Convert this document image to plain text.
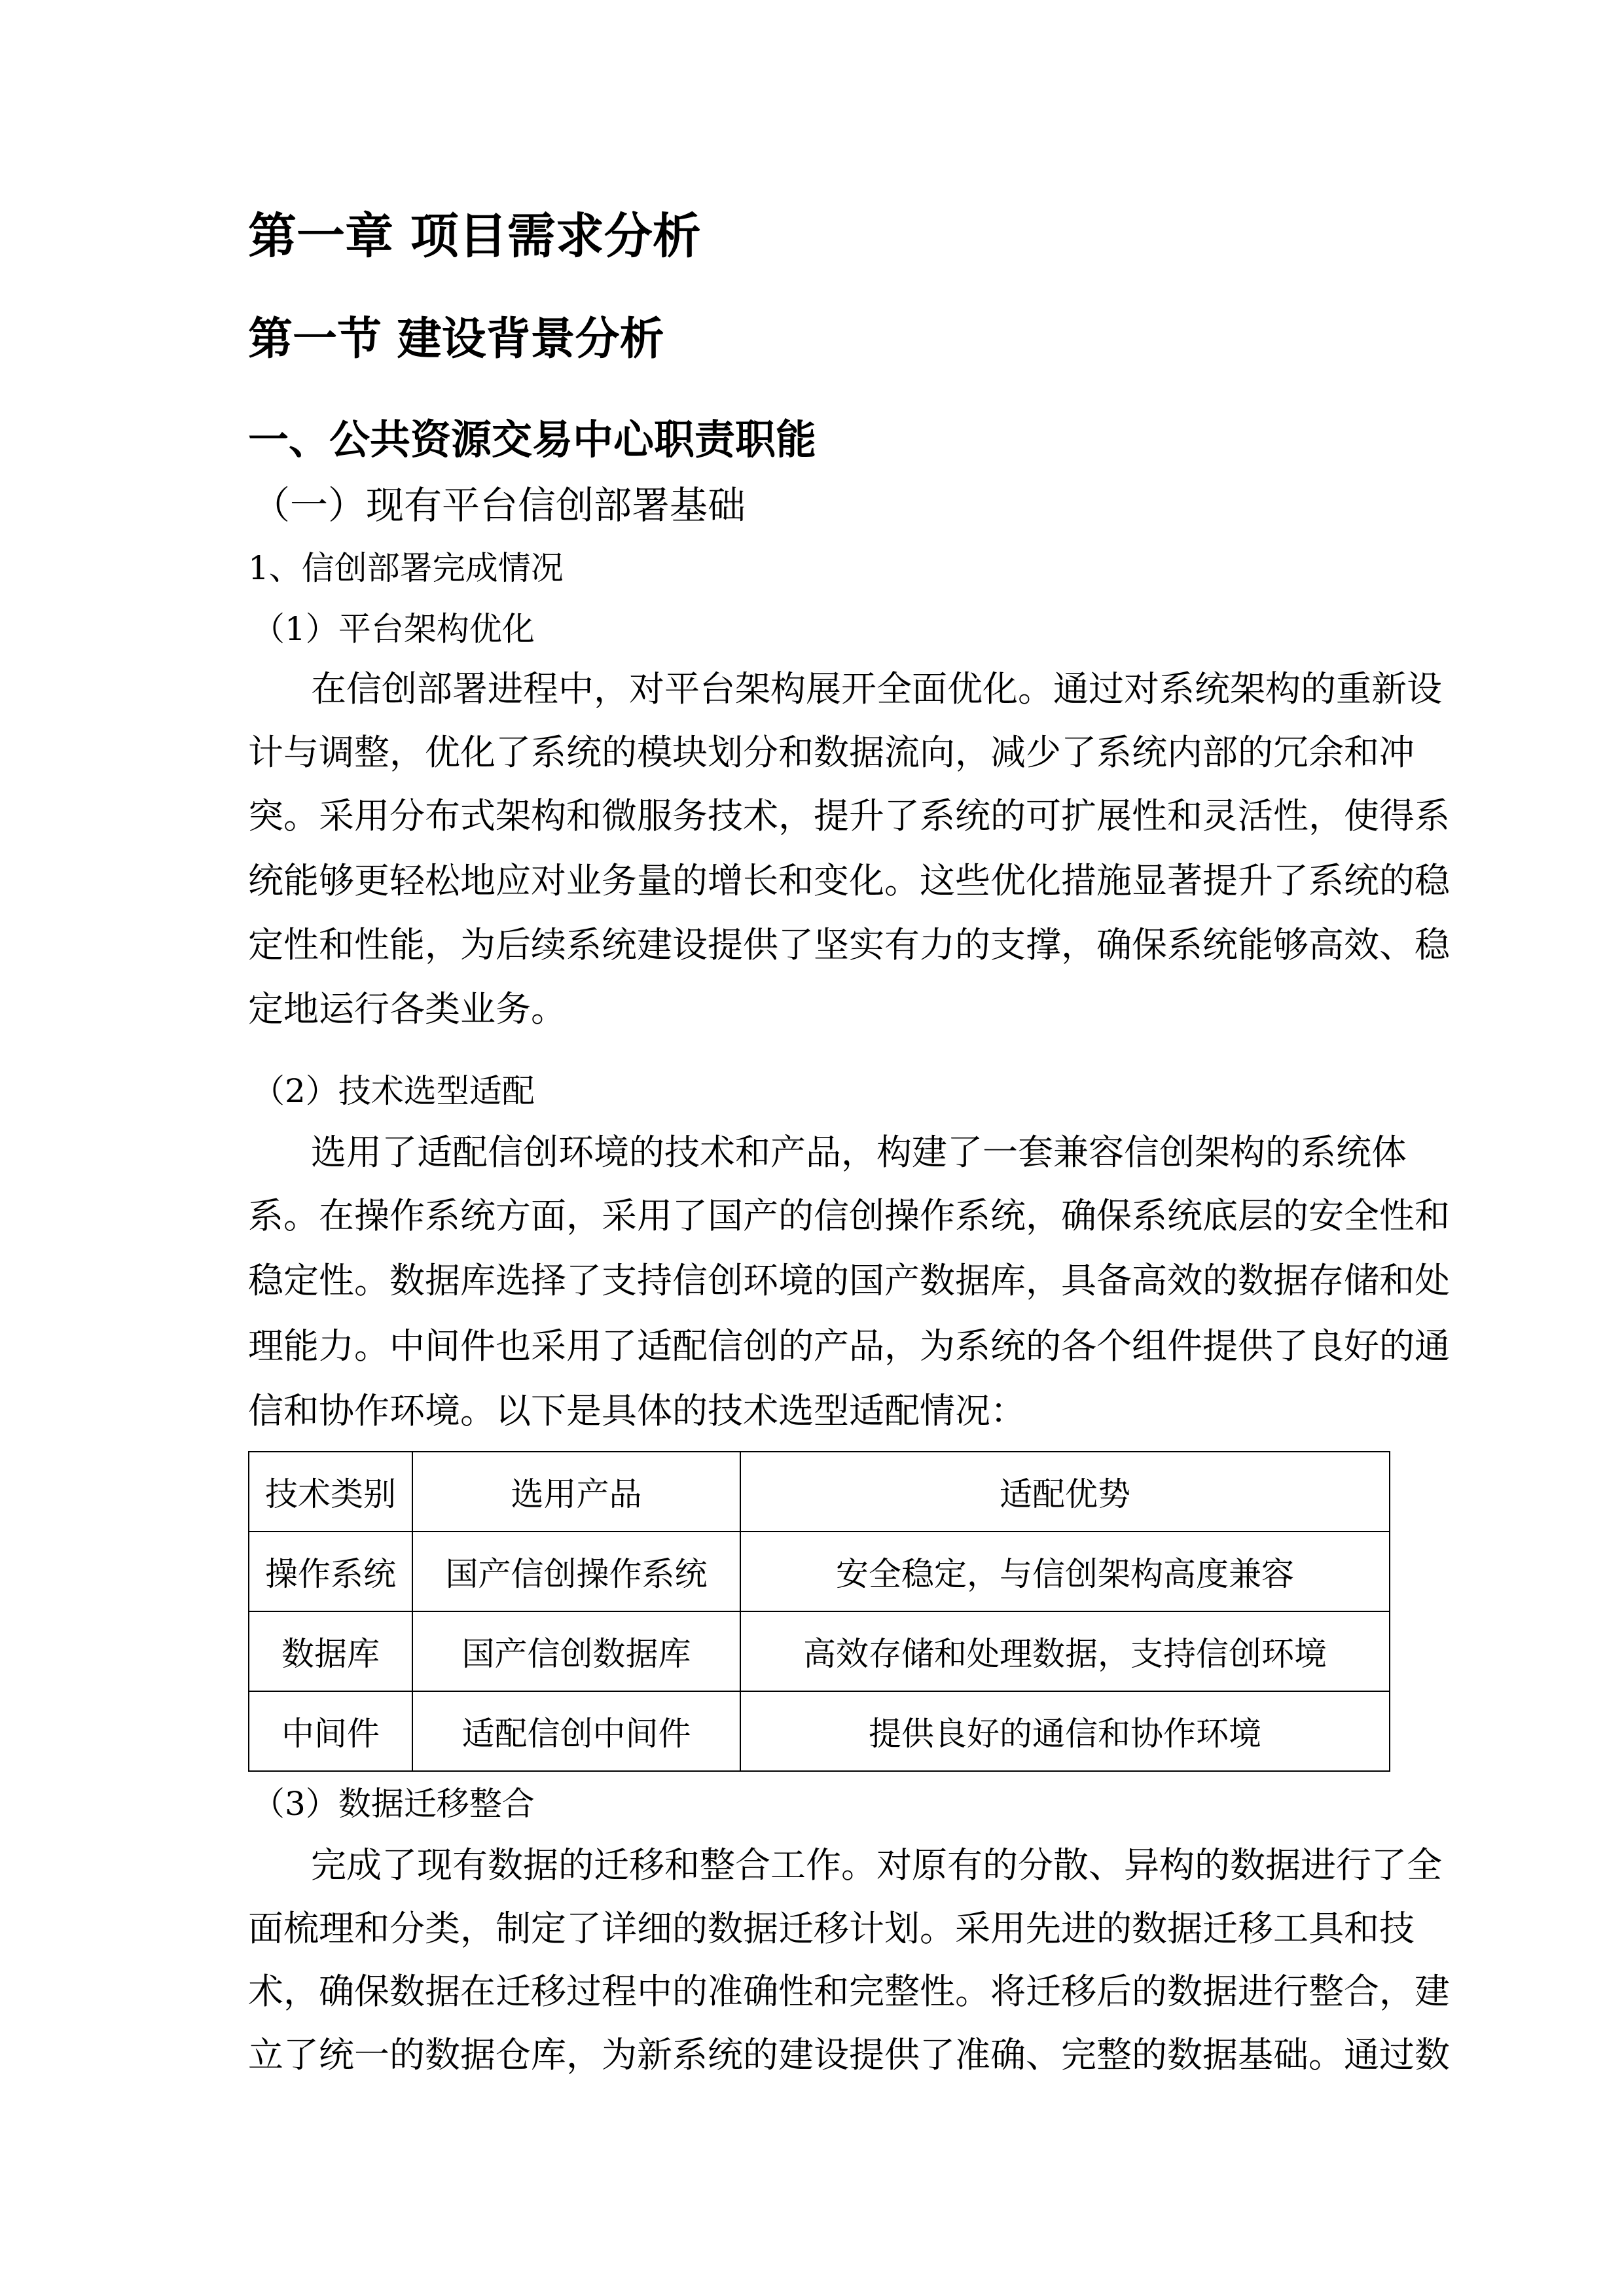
第一章 项目需求分析
第一节 建设背景分析
一、公共资源交易中心职责职能
（一）现有平台信创部署基础
1、信创部署完成情况
（1）平台架构优化
在信创部署进程中，对平台架构展开全面优化。通过对系统架构的重新设
计与调整，优化了系统的模块划分和数据流向，减少了系统内部的冗余和冲
突。采用分布式架构和微服务技术，提升了系统的可扩展性和灵活性，使得系
统能够更轻松地应对业务量的增长和变化。这些优化措施显著提升了系统的稳
定性和性能，为后续系统建设提供了坚实有力的支撑，确保系统能够高效、稳
定地运行各类业务。
（2）技术选型适配
选用了适配信创环境的技术和产品，构建了一套兼容信创架构的系统体
系。在操作系统方面，采用了国产的信创操作系统，确保系统底层的安全性和
稳定性。数据库选择了支持信创环境的国产数据库，具备高效的数据存储和处
理能力。中间件也采用了适配信创的产品，为系统的各个组件提供了良好的通
信和协作环境。以下是具体的技术选型适配情况：
技术类别	选用产品	适配优势
操作系统	国产信创操作系统	安全稳定，与信创架构高度兼容
数据库	国产信创数据库	高效存储和处理数据，支持信创环境
中间件	适配信创中间件	提供良好的通信和协作环境
（3）数据迁移整合
完成了现有数据的迁移和整合工作。对原有的分散、异构的数据进行了全
面梳理和分类，制定了详细的数据迁移计划。采用先进的数据迁移工具和技
术，确保数据在迁移过程中的准确性和完整性。将迁移后的数据进行整合，建
立了统一的数据仓库，为新系统的建设提供了准确、完整的数据基础。通过数
